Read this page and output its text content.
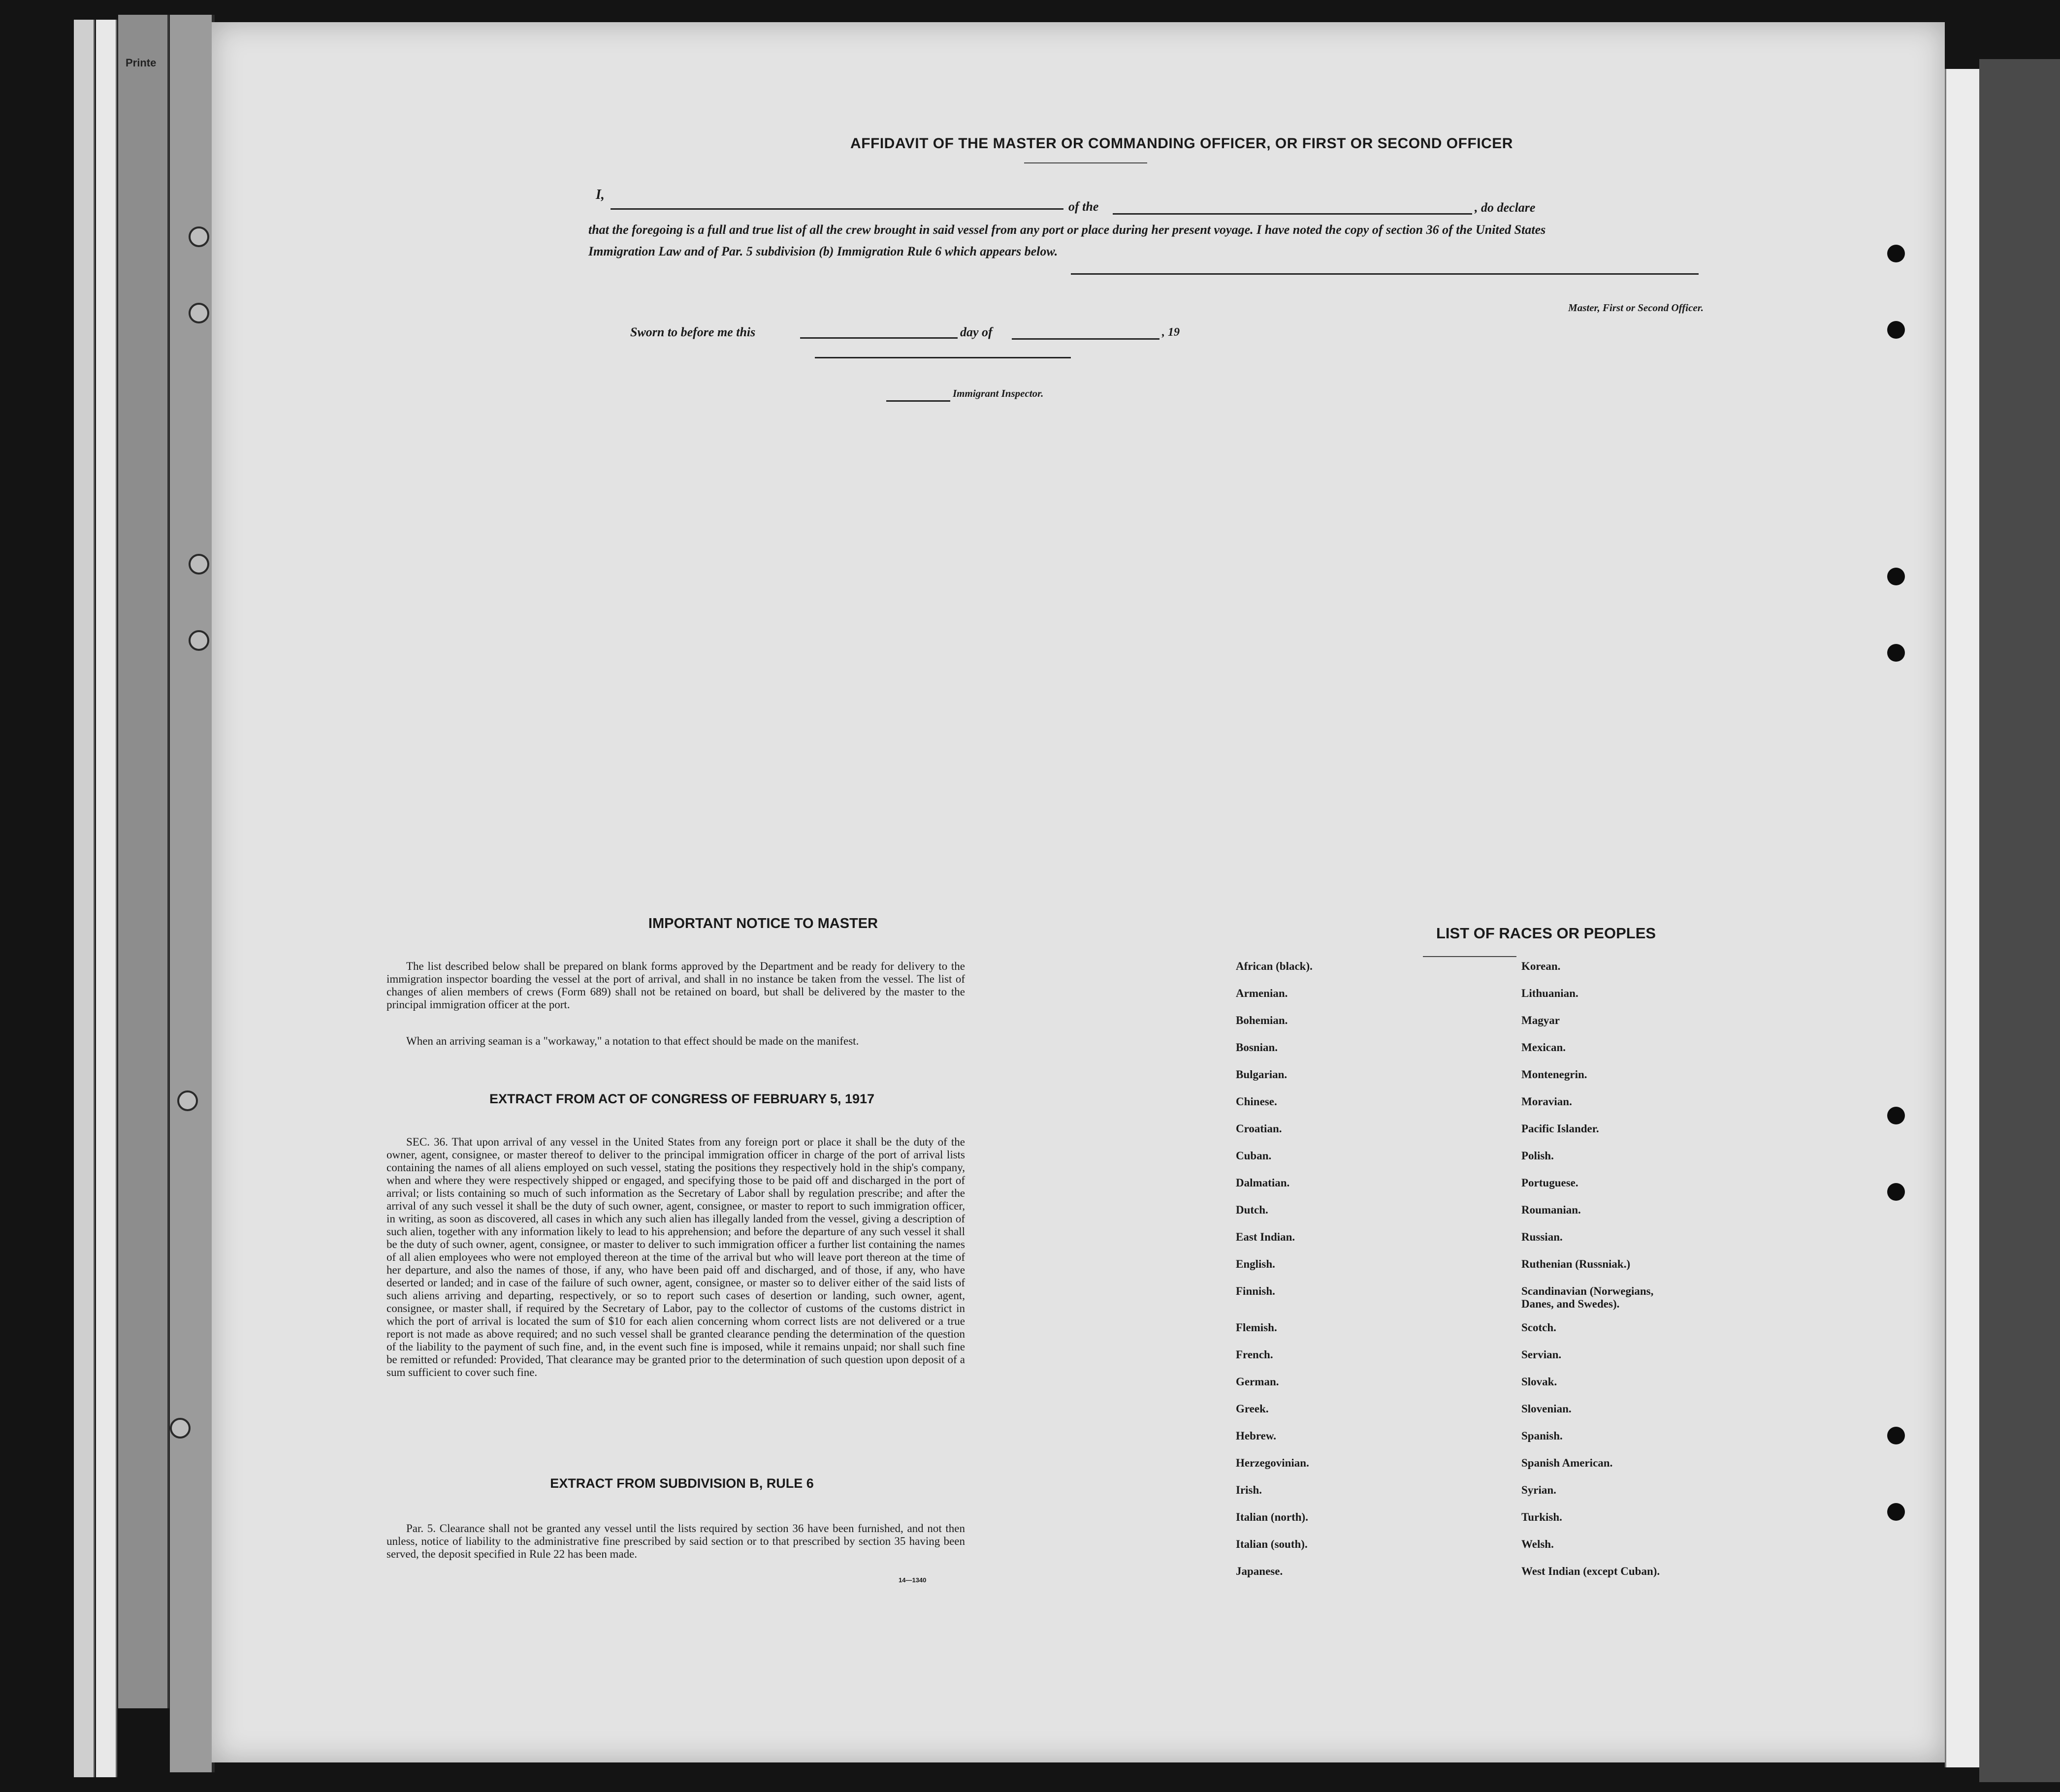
Printe
AFFIDAVIT OF THE MASTER OR COMMANDING OFFICER, OR FIRST OR SECOND OFFICER
I,
of the	, do declare
that the foregoing is a full and true list of all the crew brought in said vessel from any port or place during her present voyage. I have noted the copy of section 36 of the United States Immigration Law and of Par. 5 subdivision (b) Immigration Rule 6 which appears below.
Master, First or Second Officer.
Sworn to before me this	day of	, 19
Immigrant Inspector.
IMPORTANT NOTICE TO MASTER
The list described below shall be prepared on blank forms approved by the Department and be ready for delivery to the immigration inspector boarding the vessel at the port of arrival, and shall in no instance be taken from the vessel. The list of changes of alien members of crews (Form 689) shall not be retained on board, but shall be delivered by the master to the principal immigration officer at the port.
When an arriving seaman is a "workaway," a notation to that effect should be made on the manifest.
EXTRACT FROM ACT OF CONGRESS OF FEBRUARY 5, 1917
SEC. 36. That upon arrival of any vessel in the United States from any foreign port or place it shall be the duty of the owner, agent, consignee, or master thereof to deliver to the principal immigration officer in charge of the port of arrival lists containing the names of all aliens employed on such vessel, stating the positions they respectively hold in the ship's company, when and where they were respectively shipped or engaged, and specifying those to be paid off and discharged in the port of arrival; or lists containing so much of such information as the Secretary of Labor shall by regulation prescribe; and after the arrival of any such vessel it shall be the duty of such owner, agent, consignee, or master to report to such immigration officer, in writing, as soon as discovered, all cases in which any such alien has illegally landed from the vessel, giving a description of such alien, together with any information likely to lead to his apprehension; and before the departure of any such vessel it shall be the duty of such owner, agent, consignee, or master to deliver to such immigration officer a further list containing the names of all alien employees who were not employed thereon at the time of the arrival but who will leave port thereon at the time of her departure, and also the names of those, if any, who have been paid off and discharged, and of those, if any, who have deserted or landed; and in case of the failure of such owner, agent, consignee, or master so to deliver either of the said lists of such aliens arriving and departing, respectively, or so to report such cases of desertion or landing, such owner, agent, consignee, or master shall, if required by the Secretary of Labor, pay to the collector of customs of the customs district in which the port of arrival is located the sum of $10 for each alien concerning whom correct lists are not delivered or a true report is not made as above required; and no such vessel shall be granted clearance pending the determination of the question of the liability to the payment of such fine, and, in the event such fine is imposed, while it remains unpaid; nor shall such fine be remitted or refunded: Provided, That clearance may be granted prior to the determination of such question upon deposit of a sum sufficient to cover such fine.
EXTRACT FROM SUBDIVISION B, RULE 6
Par. 5. Clearance shall not be granted any vessel until the lists required by section 36 have been furnished, and not then unless, notice of liability to the administrative fine prescribed by said section or to that prescribed by section 35 having been served, the deposit specified in Rule 22 has been made.
14—1340
LIST OF RACES OR PEOPLES
African (black).
Armenian.
Bohemian.
Bosnian.
Bulgarian.
Chinese.
Croatian.
Cuban.
Dalmatian.
Dutch.
East Indian.
English.
Finnish.
Flemish.
French.
German.
Greek.
Hebrew.
Herzegovinian.
Irish.
Italian (north).
Italian (south).
Japanese.
Korean.
Lithuanian.
Magyar
Mexican.
Montenegrin.
Moravian.
Pacific Islander.
Polish.
Portuguese.
Roumanian.
Russian.
Ruthenian (Russniak.)
Scandinavian (Norwegians,
Danes, and Swedes).
Scotch.
Servian.
Slovak.
Slovenian.
Spanish.
Spanish American.
Syrian.
Turkish.
Welsh.
West Indian (except Cuban).
